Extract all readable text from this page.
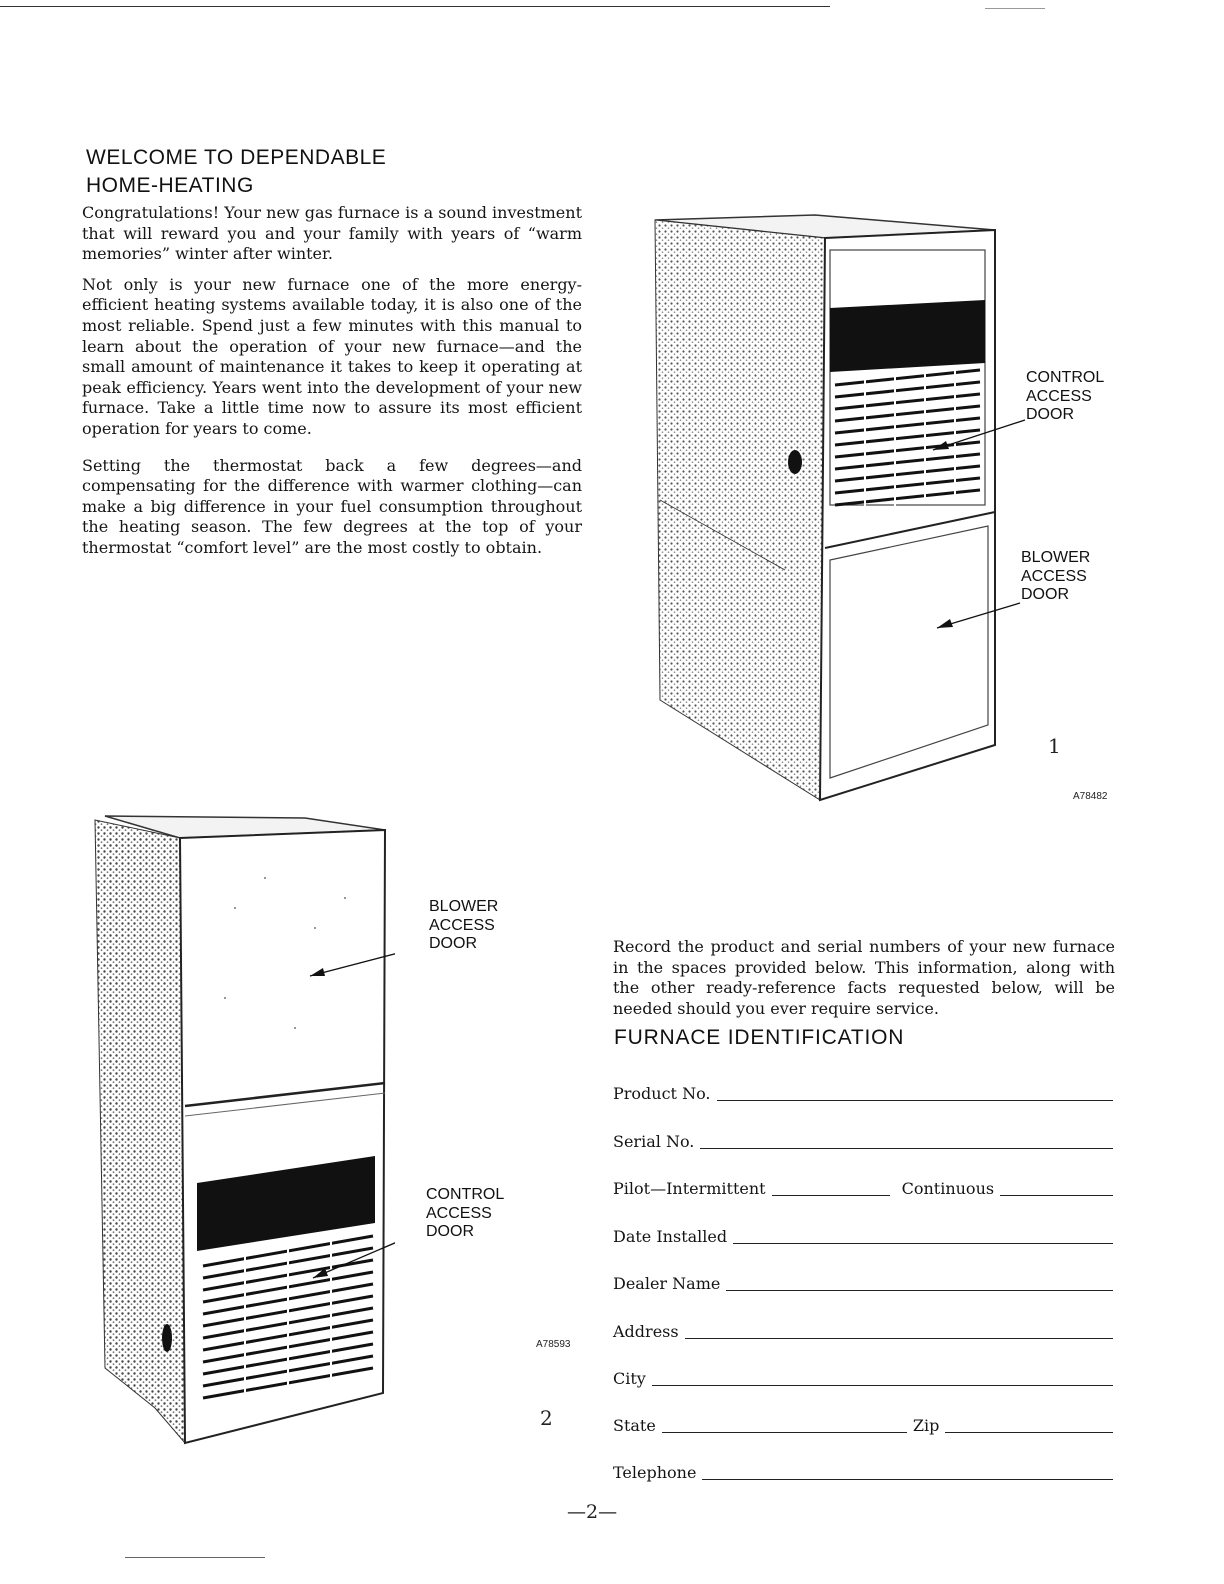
WELCOME TO DEPENDABLE
HOME-HEATING

Congratulations! Your new gas furnace is a sound investment that will reward you and your family with years of “warm memories” winter after winter.

Not only is your new furnace one of the more energy-efficient heating systems available today, it is also one of the most reliable. Spend just a few minutes with this manual to learn about the operation of your new furnace—and the small amount of maintenance it takes to keep it operating at peak efficiency. Years went into the development of your new furnace. Take a little time now to assure its most efficient operation for years to come.

Setting the thermostat back a few degrees—and compensating for the difference with warmer clothing—can make a big difference in your fuel consumption throughout the heating season. The few degrees at the top of your thermostat “comfort level” are the most costly to obtain.

CONTROL
ACCESS
DOOR
BLOWER
ACCESS
DOOR
1
A78482
BLOWER
ACCESS
DOOR
CONTROL
ACCESS
DOOR
A78593
2
Record the product and serial numbers of your new furnace in the spaces provided below. This information, along with the other ready-reference facts requested below, will be needed should you ever require service.
FURNACE IDENTIFICATION
Product No.
Serial No.
Pilot—Intermittent	Continuous
Date Installed
Dealer Name
Address
City
State	Zip
Telephone
—2—
